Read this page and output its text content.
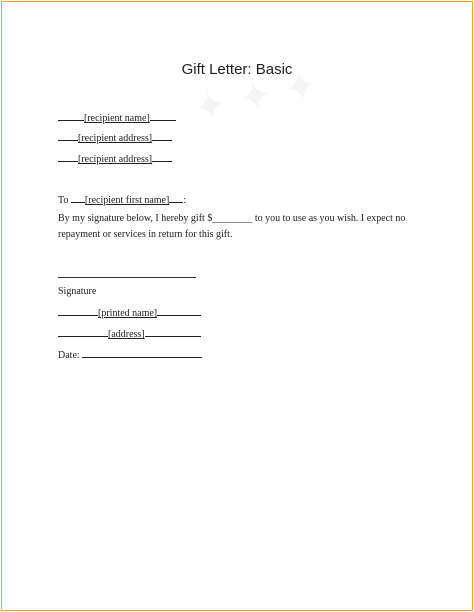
Gift Letter: Basic
[recipient name]
[recipient address]
[recipient address]
To [recipient first name] :
By my signature below, I hereby gift $________ to you to use as you wish. I expect no
repayment or services in return for this gift.
Signature
[printed name]
[address]
Date:
